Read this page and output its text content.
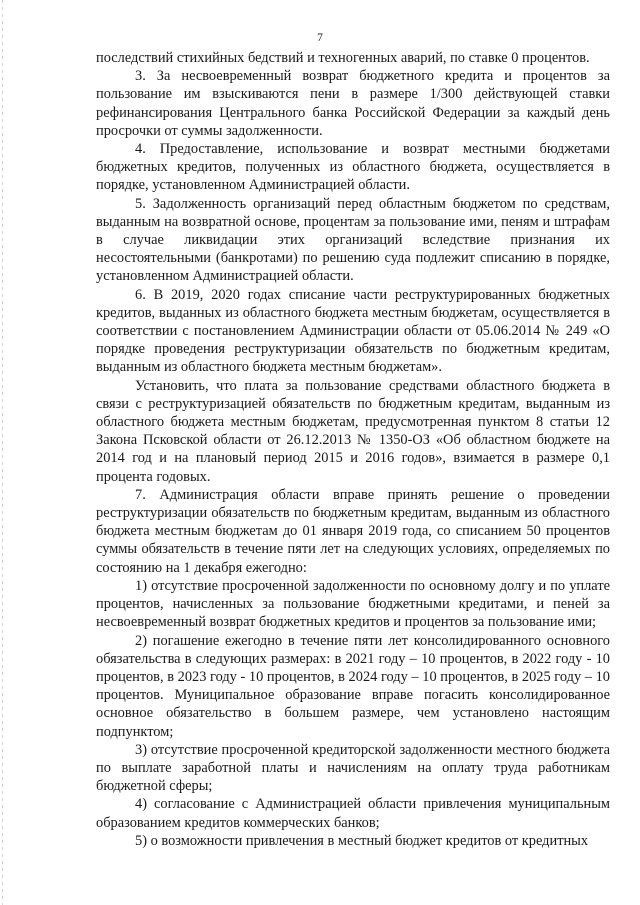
7

последствий стихийных бедствий и техногенных аварий, по ставке 0 процентов.

3. За несвоевременный возврат бюджетного кредита и процентов за пользование им взыскиваются пени в размере 1/300 действующей ставки рефинансирования Центрального банка Российской Федерации за каждый день просрочки от суммы задолженности.

4. Предоставление, использование и возврат местными бюджетами бюджетных кредитов, полученных из областного бюджета, осуществляется в порядке, установленном Администрацией области.

5. Задолженность организаций перед областным бюджетом по средствам, выданным на возвратной основе, процентам за пользование ими, пеням и штрафам в случае ликвидации этих организаций вследствие признания их несостоятельными (банкротами) по решению суда подлежит списанию в порядке, установленном Администрацией области.

6. В 2019, 2020 годах списание части реструктурированных бюджетных кредитов, выданных из областного бюджета местным бюджетам, осуществляется в соответствии с постановлением Администрации области от 05.06.2014 № 249 «О порядке проведения реструктуризации обязательств по бюджетным кредитам, выданным из областного бюджета местным бюджетам».

Установить, что плата за пользование средствами областного бюджета в связи с реструктуризацией обязательств по бюджетным кредитам, выданным из областного бюджета местным бюджетам, предусмотренная пунктом 8 статьи 12 Закона Псковской области от 26.12.2013 № 1350-ОЗ «Об областном бюджете на 2014 год и на плановый период 2015 и 2016 годов», взимается в размере 0,1 процента годовых.

7. Администрация области вправе принять решение о проведении реструктуризации обязательств по бюджетным кредитам, выданным из областного бюджета местным бюджетам до 01 января 2019 года, со списанием 50 процентов суммы обязательств в течение пяти лет на следующих условиях, определяемых по состоянию на 1 декабря ежегодно:

1) отсутствие просроченной задолженности по основному долгу и по уплате процентов, начисленных за пользование бюджетными кредитами, и пеней за несвоевременный возврат бюджетных кредитов и процентов за пользование ими;

2) погашение ежегодно в течение пяти лет консолидированного основного обязательства в следующих размерах: в 2021 году – 10 процентов, в 2022 году - 10 процентов, в 2023 году - 10 процентов, в 2024 году – 10 процентов, в 2025 году – 10 процентов. Муниципальное образование вправе погасить консолидированное основное обязательство в большем размере, чем установлено настоящим подпунктом;

3) отсутствие просроченной кредиторской задолженности местного бюджета по выплате заработной платы и начислениям на оплату труда работникам бюджетной сферы;

4) согласование с Администрацией области привлечения муниципальным образованием кредитов коммерческих банков;

5) о возможности привлечения в местный бюджет кредитов от кредитных
